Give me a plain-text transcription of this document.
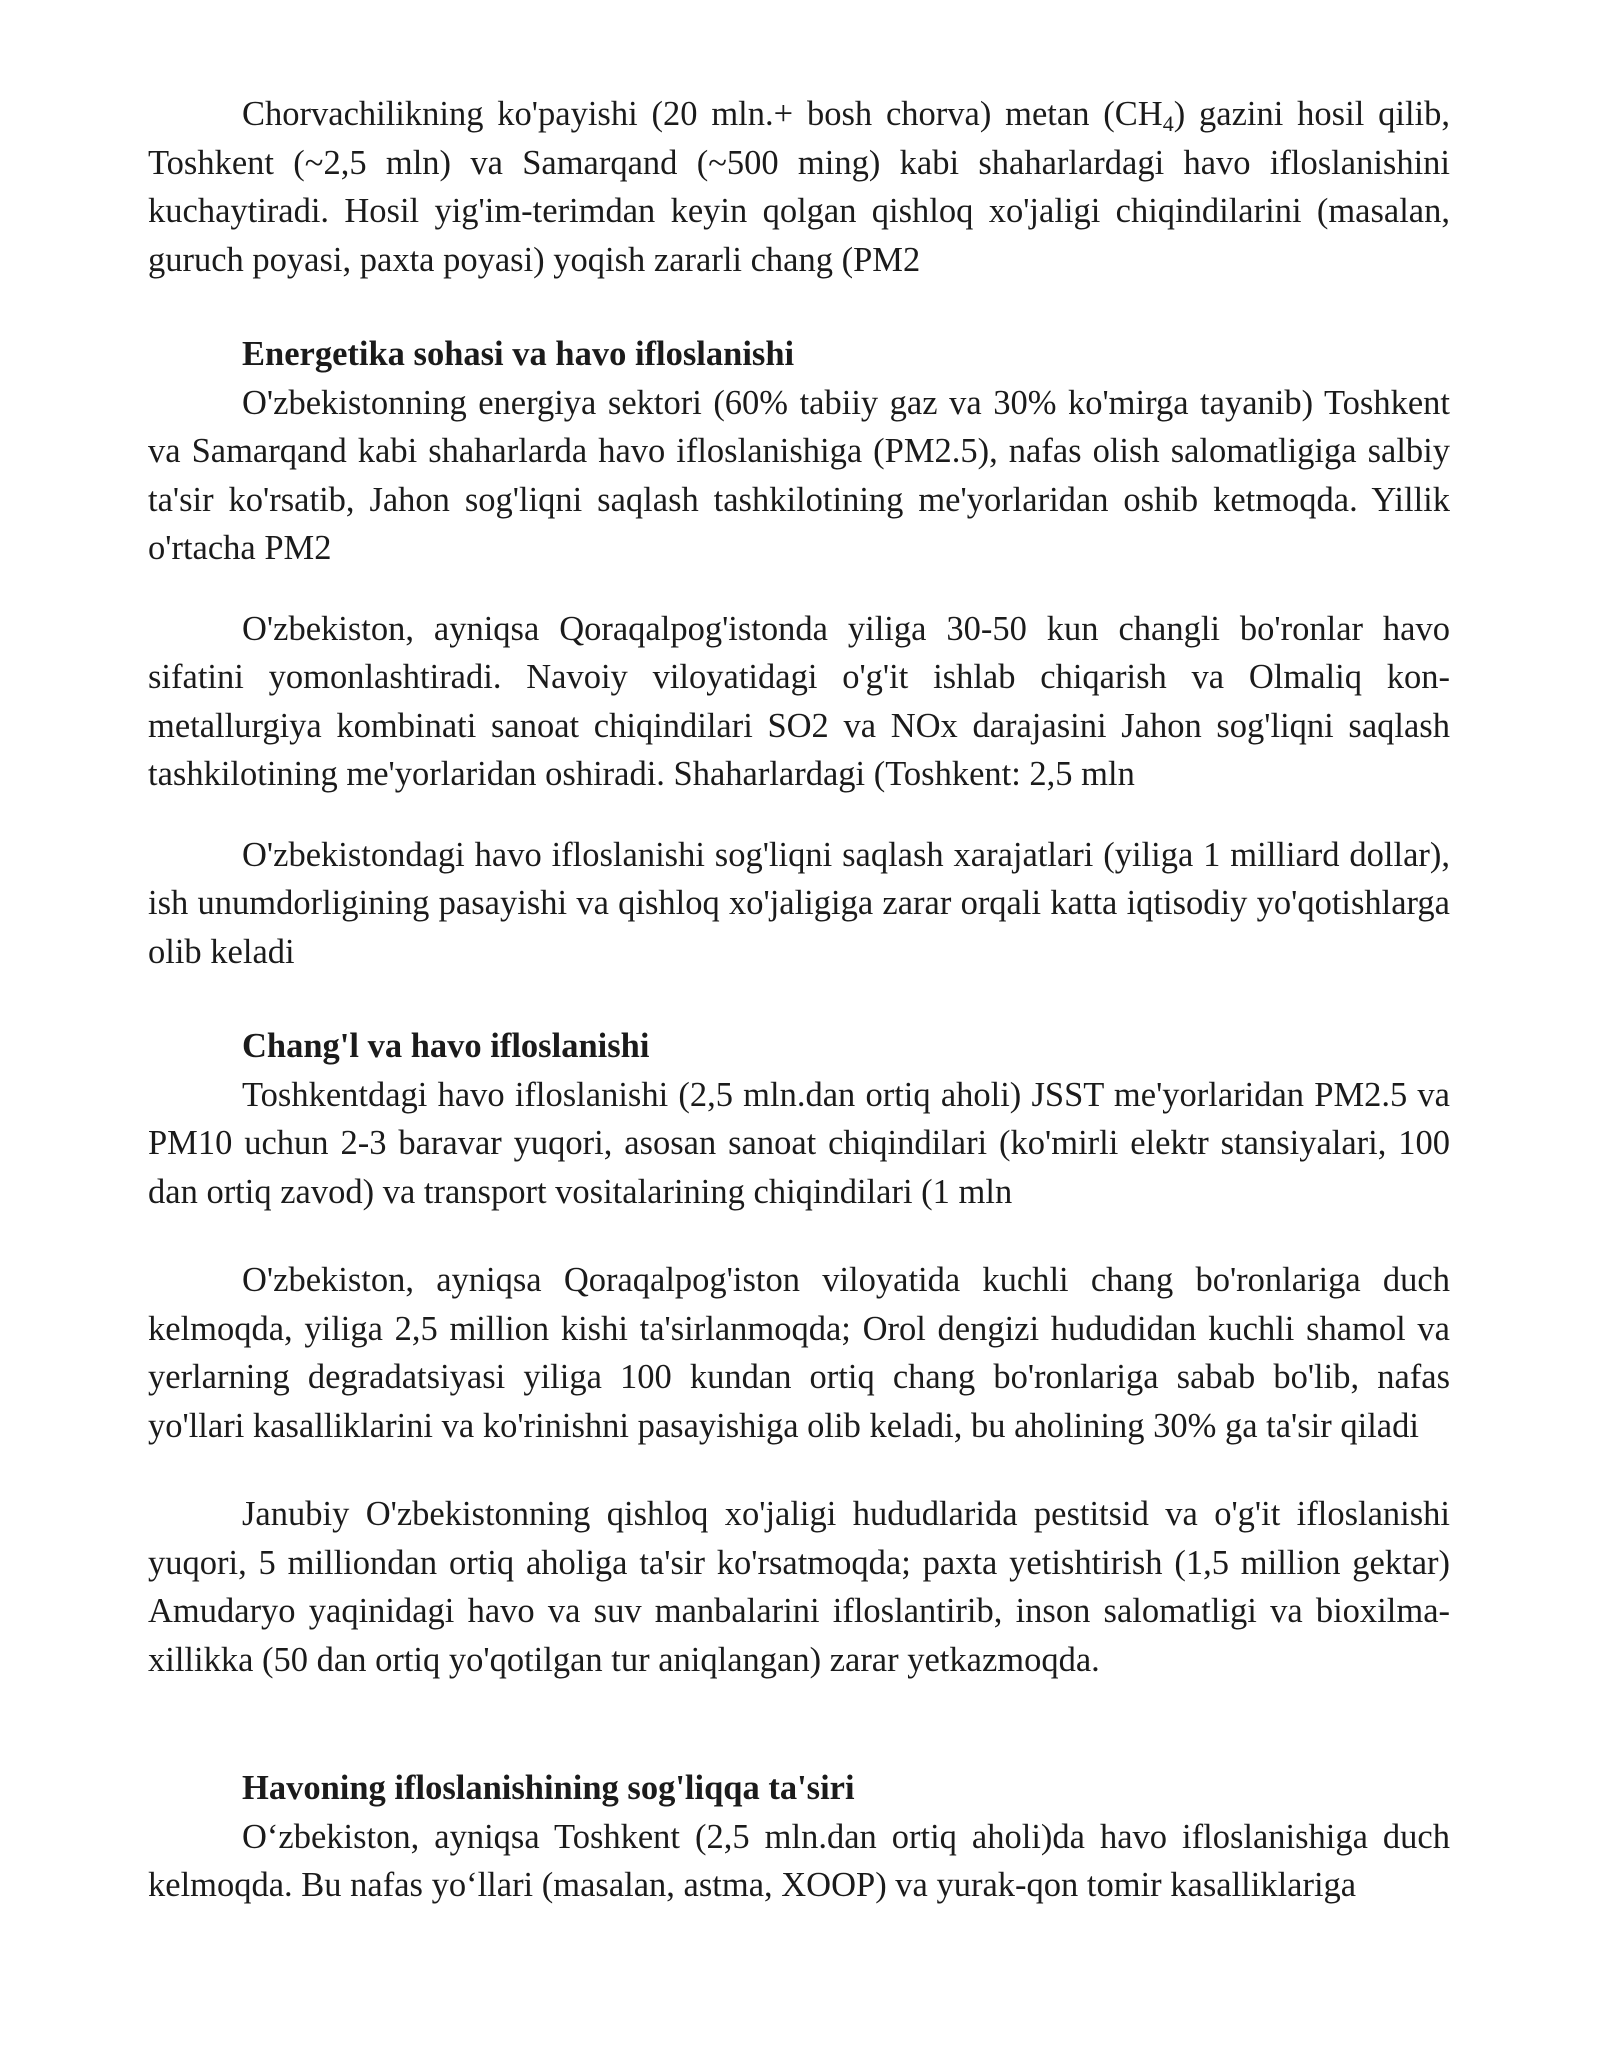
Chorvachilikning ko'payishi (20 mln.+ bosh chorva) metan $(CH_4)$ gazini hosil qilib, Toshkent (~2,5 mln) va Samarqand (~500 ming) kabi shaharlardagi havo ifloslanishini kuchaytiradi. Hosil yig'im-terimdan keyin qolgan qishloq xo'jaligi chiqindilarini (masalan, guruch poyasi, paxta poyasi) yoqish zararli chang (PM2

Energetika sohasi va havo ifloslanishi

O'zbekistonning energiya sektori (60% tabiiy gaz va 30% ko'mirga tayanib) Toshkent va Samarqand kabi shaharlarda havo ifloslanishiga (PM2.5), nafas olish salomatligiga salbiy ta'sir ko'rsatib, Jahon sog'liqni saqlash tashkilotining me'yorlaridan oshib ketmoqda. Yillik o'rtacha PM2

O'zbekiston, ayniqsa Qoraqalpog'istonda yiliga 30-50 kun changli bo'ronlar havo sifatini yomonlashtiradi. Navoiy viloyatidagi o'g'it ishlab chiqarish va Olmaliq kon-metallurgiya kombinati sanoat chiqindilari SO2 va NOx darajasini Jahon sog'liqni saqlash tashkilotining me'yorlaridan oshiradi. Shaharlardagi (Toshkent: 2,5 mln

O'zbekistondagi havo ifloslanishi sog'liqni saqlash xarajatlari (yiliga 1 milliard dollar), ish unumdorligining pasayishi va qishloq xo'jaligiga zarar orqali katta iqtisodiy yo'qotishlarga olib keladi

Chang'l va havo ifloslanishi

Toshkentdagi havo ifloslanishi (2,5 mln.dan ortiq aholi) JSST me'yorlaridan PM2.5 va PM10 uchun 2-3 baravar yuqori, asosan sanoat chiqindilari (ko'mirli elektr stansiyalari, 100 dan ortiq zavod) va transport vositalarining chiqindilari (1 mln

O'zbekiston, ayniqsa Qoraqalpog'iston viloyatida kuchli chang bo'ronlariga duch kelmoqda, yiliga 2,5 million kishi ta'sirlanmoqda; Orol dengizi hududidan kuchli shamol va yerlarning degradatsiyasi yiliga 100 kundan ortiq chang bo'ronlariga sabab bo'lib, nafas yo'llari kasalliklarini va ko'rinishni pasayishiga olib keladi, bu aholining 30% ga ta'sir qiladi

Janubiy O'zbekistonning qishloq xo'jaligi hududlarida pestitsid va o'g'it ifloslanishi yuqori, 5 milliondan ortiq aholiga ta'sir ko'rsatmoqda; paxta yetishtirish (1,5 million gektar) Amudaryo yaqinidagi havo va suv manbalarini ifloslantirib, inson salomatligi va bioxilma-xillikka (50 dan ortiq yo'qotilgan tur aniqlangan) zarar yetkazmoqda.

Havoning ifloslanishining sog'liqqa ta'siri

O‘zbekiston, ayniqsa Toshkent (2,5 mln.dan ortiq aholi)da havo ifloslanishiga duch kelmoqda. Bu nafas yo‘llari (masalan, astma, XOOP) va yurak-qon tomir kasalliklariga
